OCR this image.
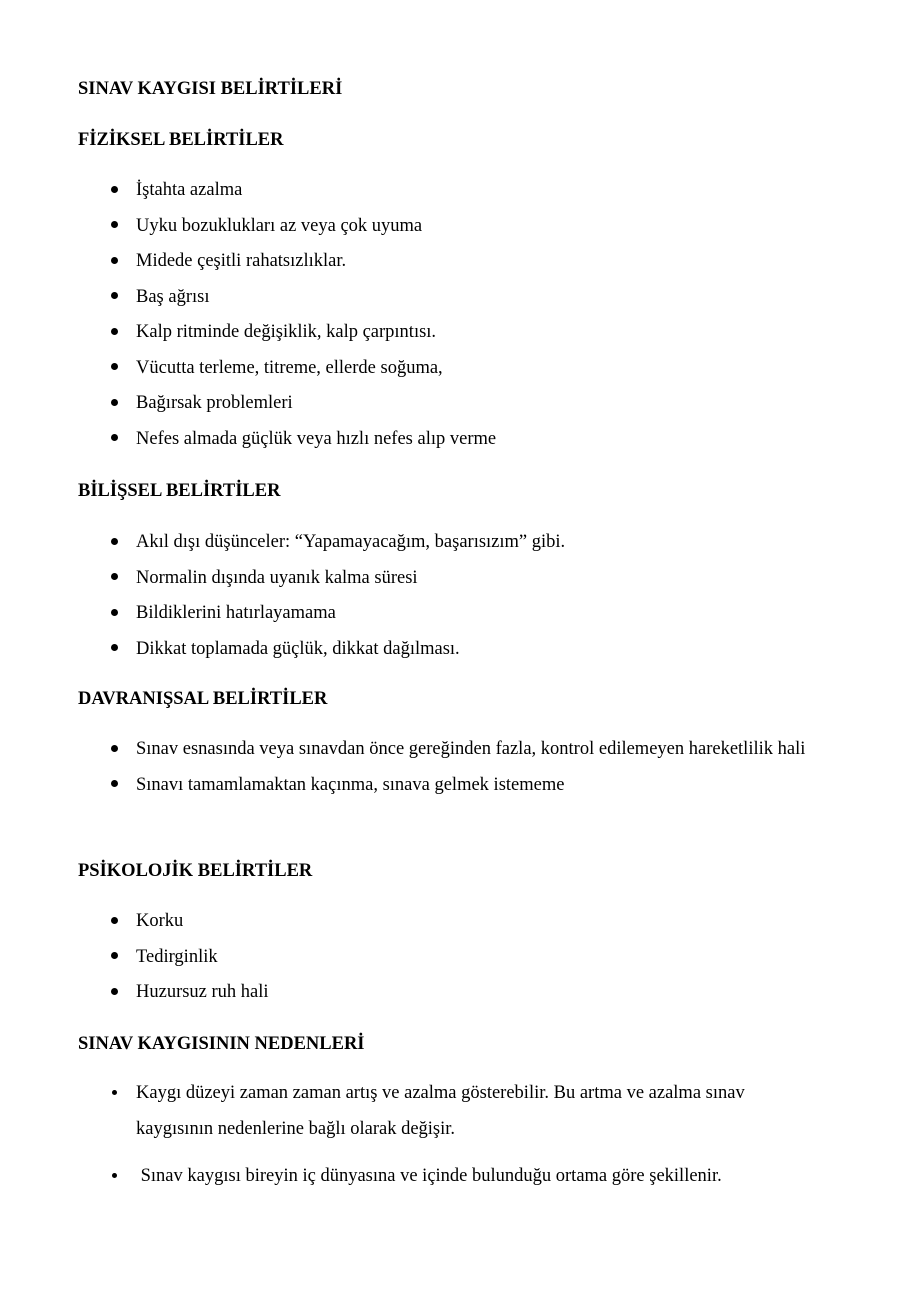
SINAV KAYGISI BELİRTİLERİ
FİZİKSEL BELİRTİLER
İştahta azalma
Uyku bozuklukları az veya çok uyuma
Midede çeşitli rahatsızlıklar.
Baş ağrısı
Kalp ritminde değişiklik, kalp çarpıntısı.
Vücutta terleme, titreme, ellerde soğuma,
Bağırsak problemleri
Nefes almada güçlük veya hızlı nefes alıp verme
BİLİŞSEL BELİRTİLER
Akıl dışı düşünceler: “Yapamayacağım, başarısızım” gibi.
Normalin dışında uyanık kalma süresi
Bildiklerini hatırlayamama
Dikkat toplamada güçlük, dikkat dağılması.
DAVRANIŞSAL BELİRTİLER
Sınav esnasında veya sınavdan önce gereğinden fazla, kontrol edilemeyen hareketlilik hali
Sınavı tamamlamaktan kaçınma, sınava gelmek istememe
PSİKOLOJİK BELİRTİLER
Korku
Tedirginlik
Huzursuz ruh hali
SINAV KAYGISININ NEDENLERİ
Kaygı düzeyi zaman zaman artış ve azalma gösterebilir. Bu artma ve azalma sınav kaygısının nedenlerine bağlı olarak değişir.
Sınav kaygısı bireyin iç dünyasına ve içinde bulunduğu ortama göre şekillenir.
